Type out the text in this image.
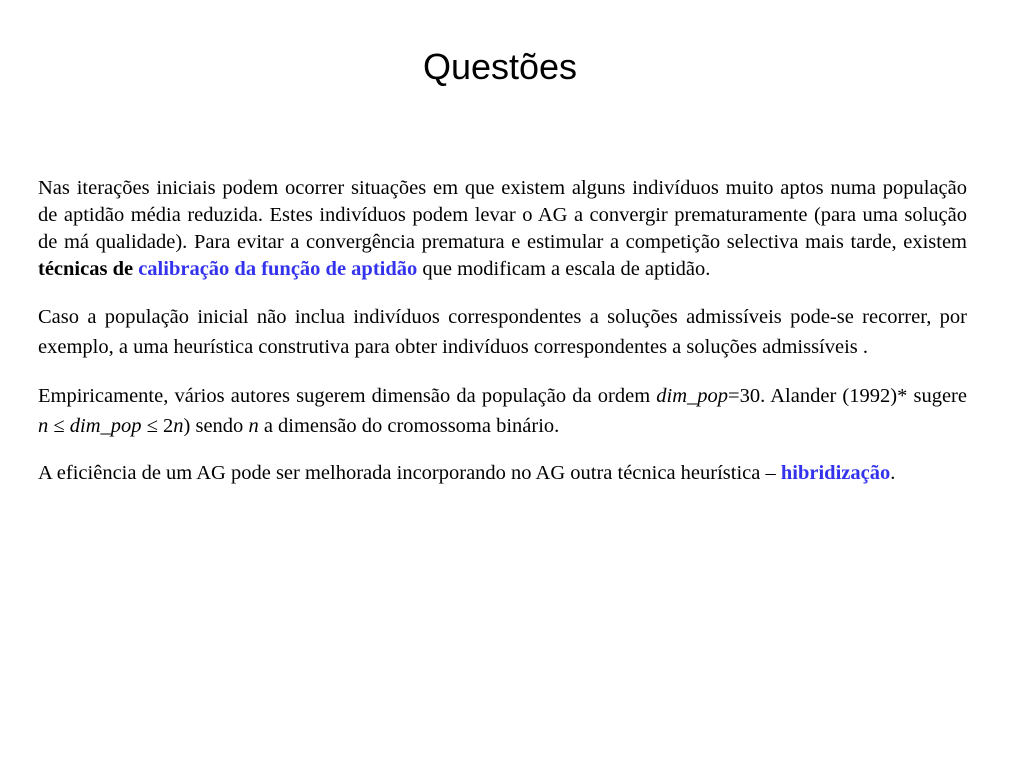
Questões

Nas iterações iniciais podem ocorrer situações em que existem alguns indivíduos muito aptos numa população de aptidão média reduzida. Estes indivíduos podem levar o AG a convergir prematuramente (para uma solução de má qualidade). Para evitar a convergência prematura e estimular a competição selectiva mais tarde, existem técnicas de calibração da função de aptidão que modificam a escala de aptidão.

Caso a população inicial não inclua indivíduos correspondentes a soluções admissíveis pode-se recorrer, por exemplo, a uma heurística construtiva para obter indivíduos correspondentes a soluções admissíveis .

Empiricamente, vários autores sugerem dimensão da população da ordem dim_pop=30. Alander (1992)* sugere n ≤ dim_pop ≤ 2n) sendo n a dimensão do cromossoma binário.

A eficiência de um AG pode ser melhorada incorporando no AG outra técnica heurística – hibridização.
